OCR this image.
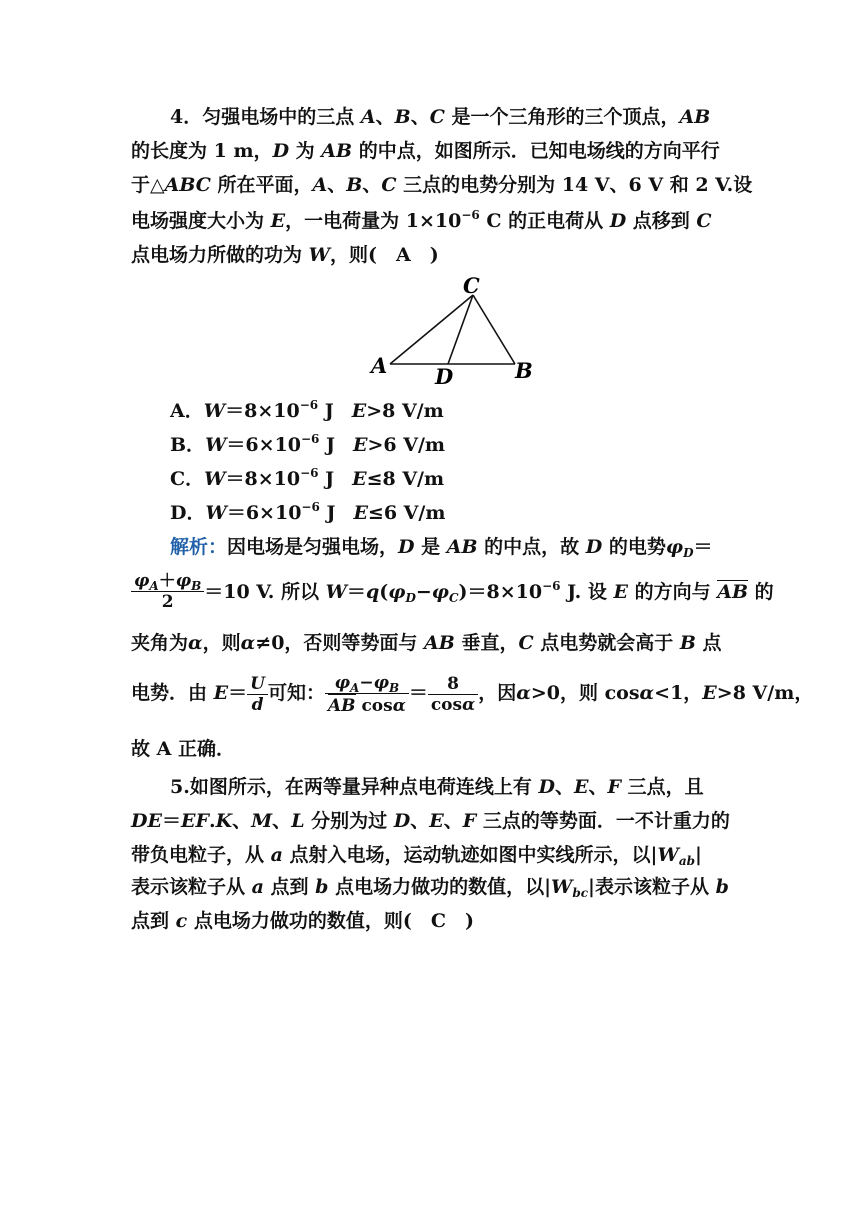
4．匀强电场中的三点 A、B、C 是一个三角形的三个顶点，AB
的长度为 1 m，D 为 AB 的中点，如图所示．已知电场线的方向平行
于△ABC 所在平面，A、B、C 三点的电势分别为 14 V、6 V 和 2 V.设
电场强度大小为 E，一电荷量为 $1\times 10^{-6}$ C 的正电荷从 D 点移到 C
点电场力所做的功为 W，则(　A　)
C
A D	B
A．$W=8\times 10^{-6}$ J E>8 V/m
B．$W=6\times 10^{-6}$ J E>6 V/m
C．$W=8\times 10^{-6}$ J E≤8 V/m
D．$W=6\times 10^{-6}$ J E≤6 V/m
解析：因电场是匀强电场，D 是 AB 的中点，故 D 的电势$\varphi_D=$
$\frac{\varphi_A+\varphi_B}{2} =10$ V. 所以 $W=q(\varphi_D-\varphi_C)=8\times 10^{-6}$ J. 设 E 的方向与 AB 的
夹角为α，则α≠0，否则等势面与 AB 垂直，C 点电势就会高于 B 点
电势．由 $E= \frac{U}{d}$ 可知： $\frac{\varphi_A-\varphi_B}{\text{AB cosα}} = \frac{8}{\cos\alpha}$ ，因α>0，则 cosα<1，E>8 V/m，
故 A 正确．
5.如图所示，在两等量异种点电荷连线上有 D、E、F 三点，且
DE＝EF.K、M、L 分别为过 D、E、F 三点的等势面．一不计重力的
带负电粒子，从 a 点射入电场，运动轨迹如图中实线所示，以$|W_{ab}|$
表示该粒子从 a 点到 b 点电场力做功的数值，以$|W_{bc}|$表示该粒子从 b
点到 c 点电场力做功的数值，则(　C　)
